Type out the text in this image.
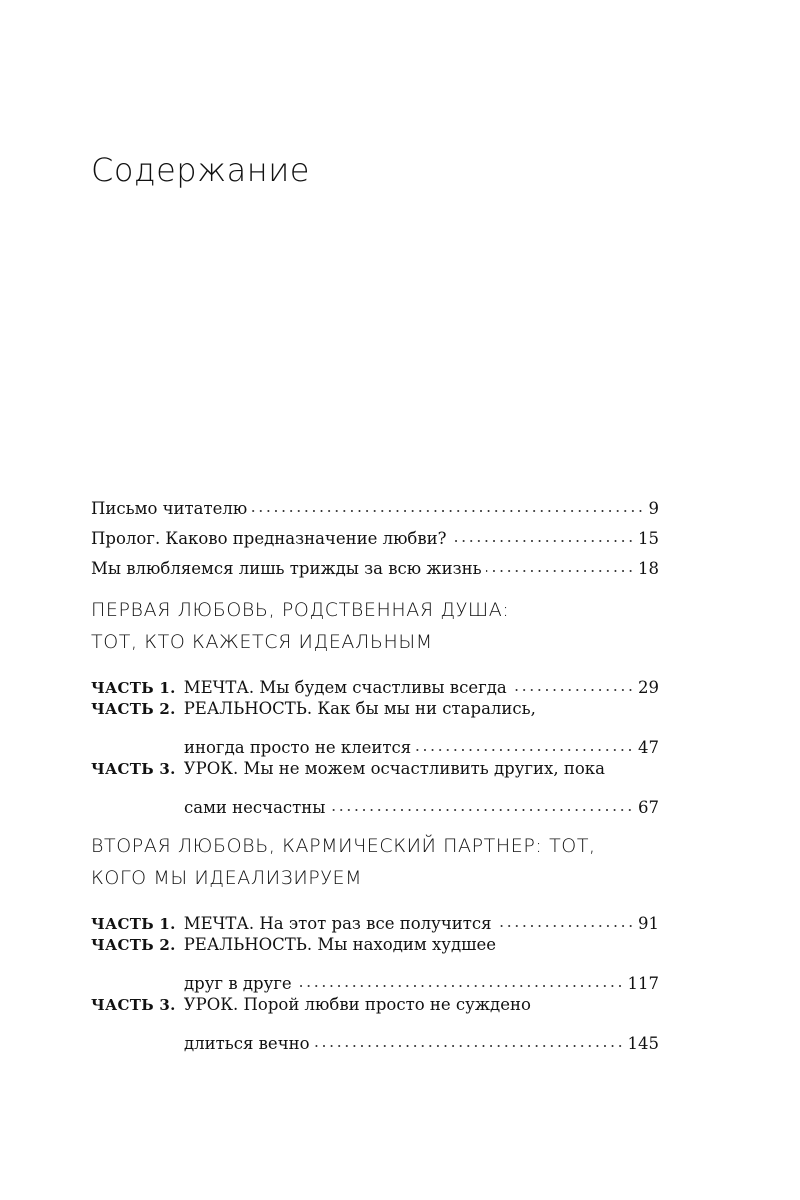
Содержание
Письмо читателю	9
Пролог. Каково предназначение любви?	15
Мы влюбляемся лишь трижды за всю жизнь	18
ПЕРВАЯ ЛЮБОВЬ, РОДСТВЕННАЯ ДУША:
ТОТ, КТО КАЖЕТСЯ ИДЕАЛЬНЫМ
ЧАСТЬ 1. МЕЧТА. Мы будем счастливы всегда	29
ЧАСТЬ 2. РЕАЛЬНОСТЬ. Как бы мы ни старались,
иногда просто не клеится	47
ЧАСТЬ 3. УРОК. Мы не можем осчастливить других, пока
сами несчастны	67
ВТОРАЯ ЛЮБОВЬ, КАРМИЧЕСКИЙ ПАРТНЕР: ТОТ,
КОГО МЫ ИДЕАЛИЗИРУЕМ
ЧАСТЬ 1. МЕЧТА. На этот раз все получится	91
ЧАСТЬ 2. РЕАЛЬНОСТЬ. Мы находим худшее
друг в друге	117
ЧАСТЬ 3. УРОК. Порой любви просто не суждено
длиться вечно	145
